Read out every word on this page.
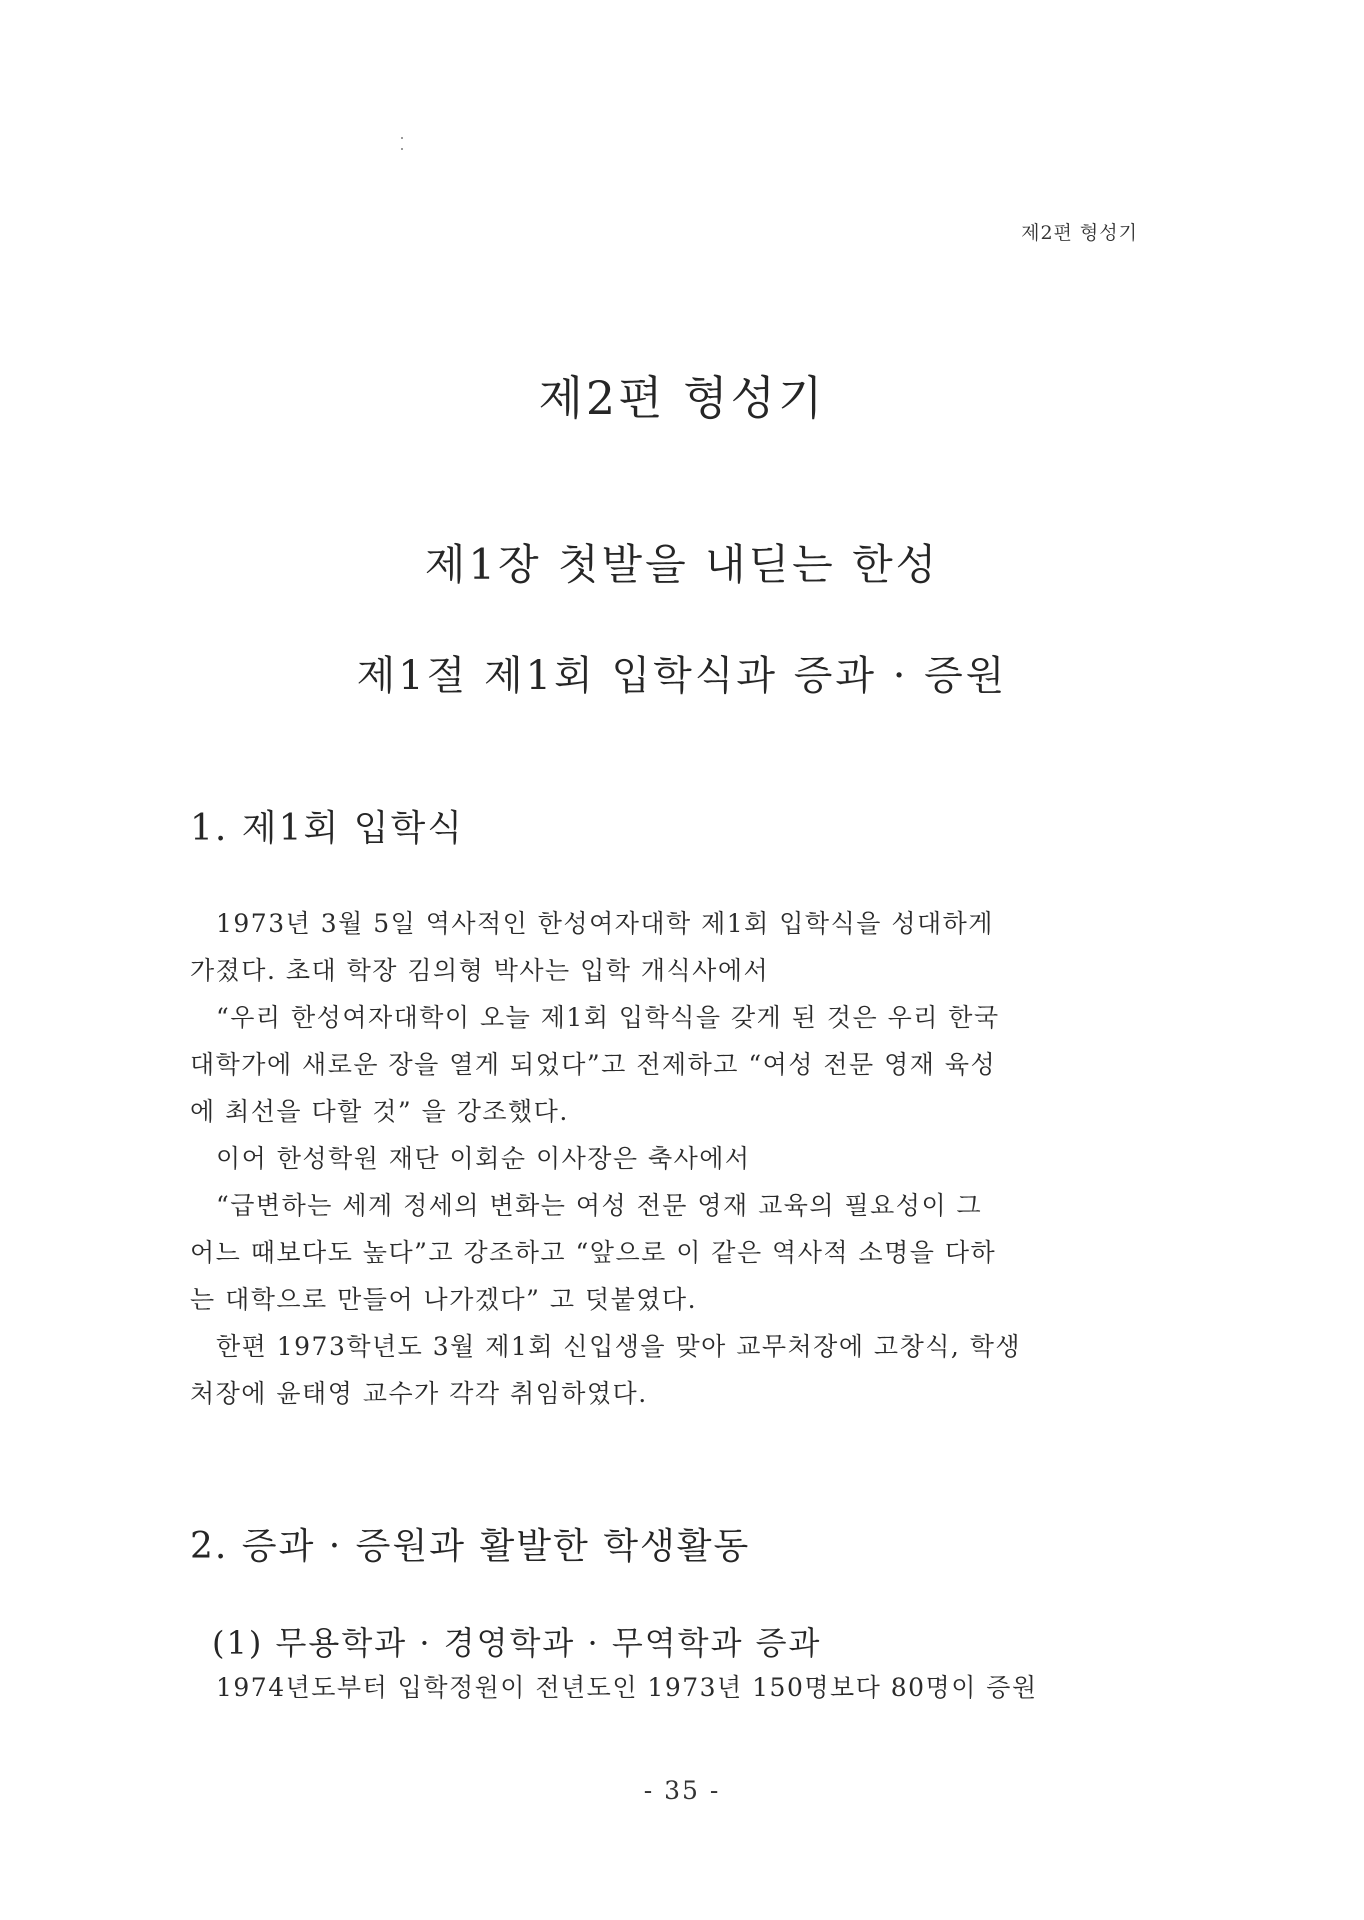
제2편 형성기
제2편 형성기
제1장 첫발을 내딛는 한성
제1절 제1회 입학식과 증과 · 증원
1. 제1회 입학식

1973년 3월 5일 역사적인 한성여자대학 제1회 입학식을 성대하게

가졌다. 초대 학장 김의형 박사는 입학 개식사에서

“우리 한성여자대학이 오늘 제1회 입학식을 갖게 된 것은 우리 한국

대학가에 새로운 장을 열게 되었다”고 전제하고 “여성 전문 영재 육성

에 최선을 다할 것” 을 강조했다.

이어 한성학원 재단 이회순 이사장은 축사에서

“급변하는 세계 정세의 변화는 여성 전문 영재 교육의 필요성이 그

어느 때보다도 높다”고 강조하고 “앞으로 이 같은 역사적 소명을 다하

는 대학으로 만들어 나가겠다” 고 덧붙였다.

한편 1973학년도 3월 제1회 신입생을 맞아 교무처장에 고창식, 학생

처장에 윤태영 교수가 각각 취임하였다.

2. 증과 · 증원과 활발한 학생활동
(1) 무용학과 · 경영학과 · 무역학과 증과

1974년도부터 입학정원이 전년도인 1973년 150명보다 80명이 증원

- 35 -
